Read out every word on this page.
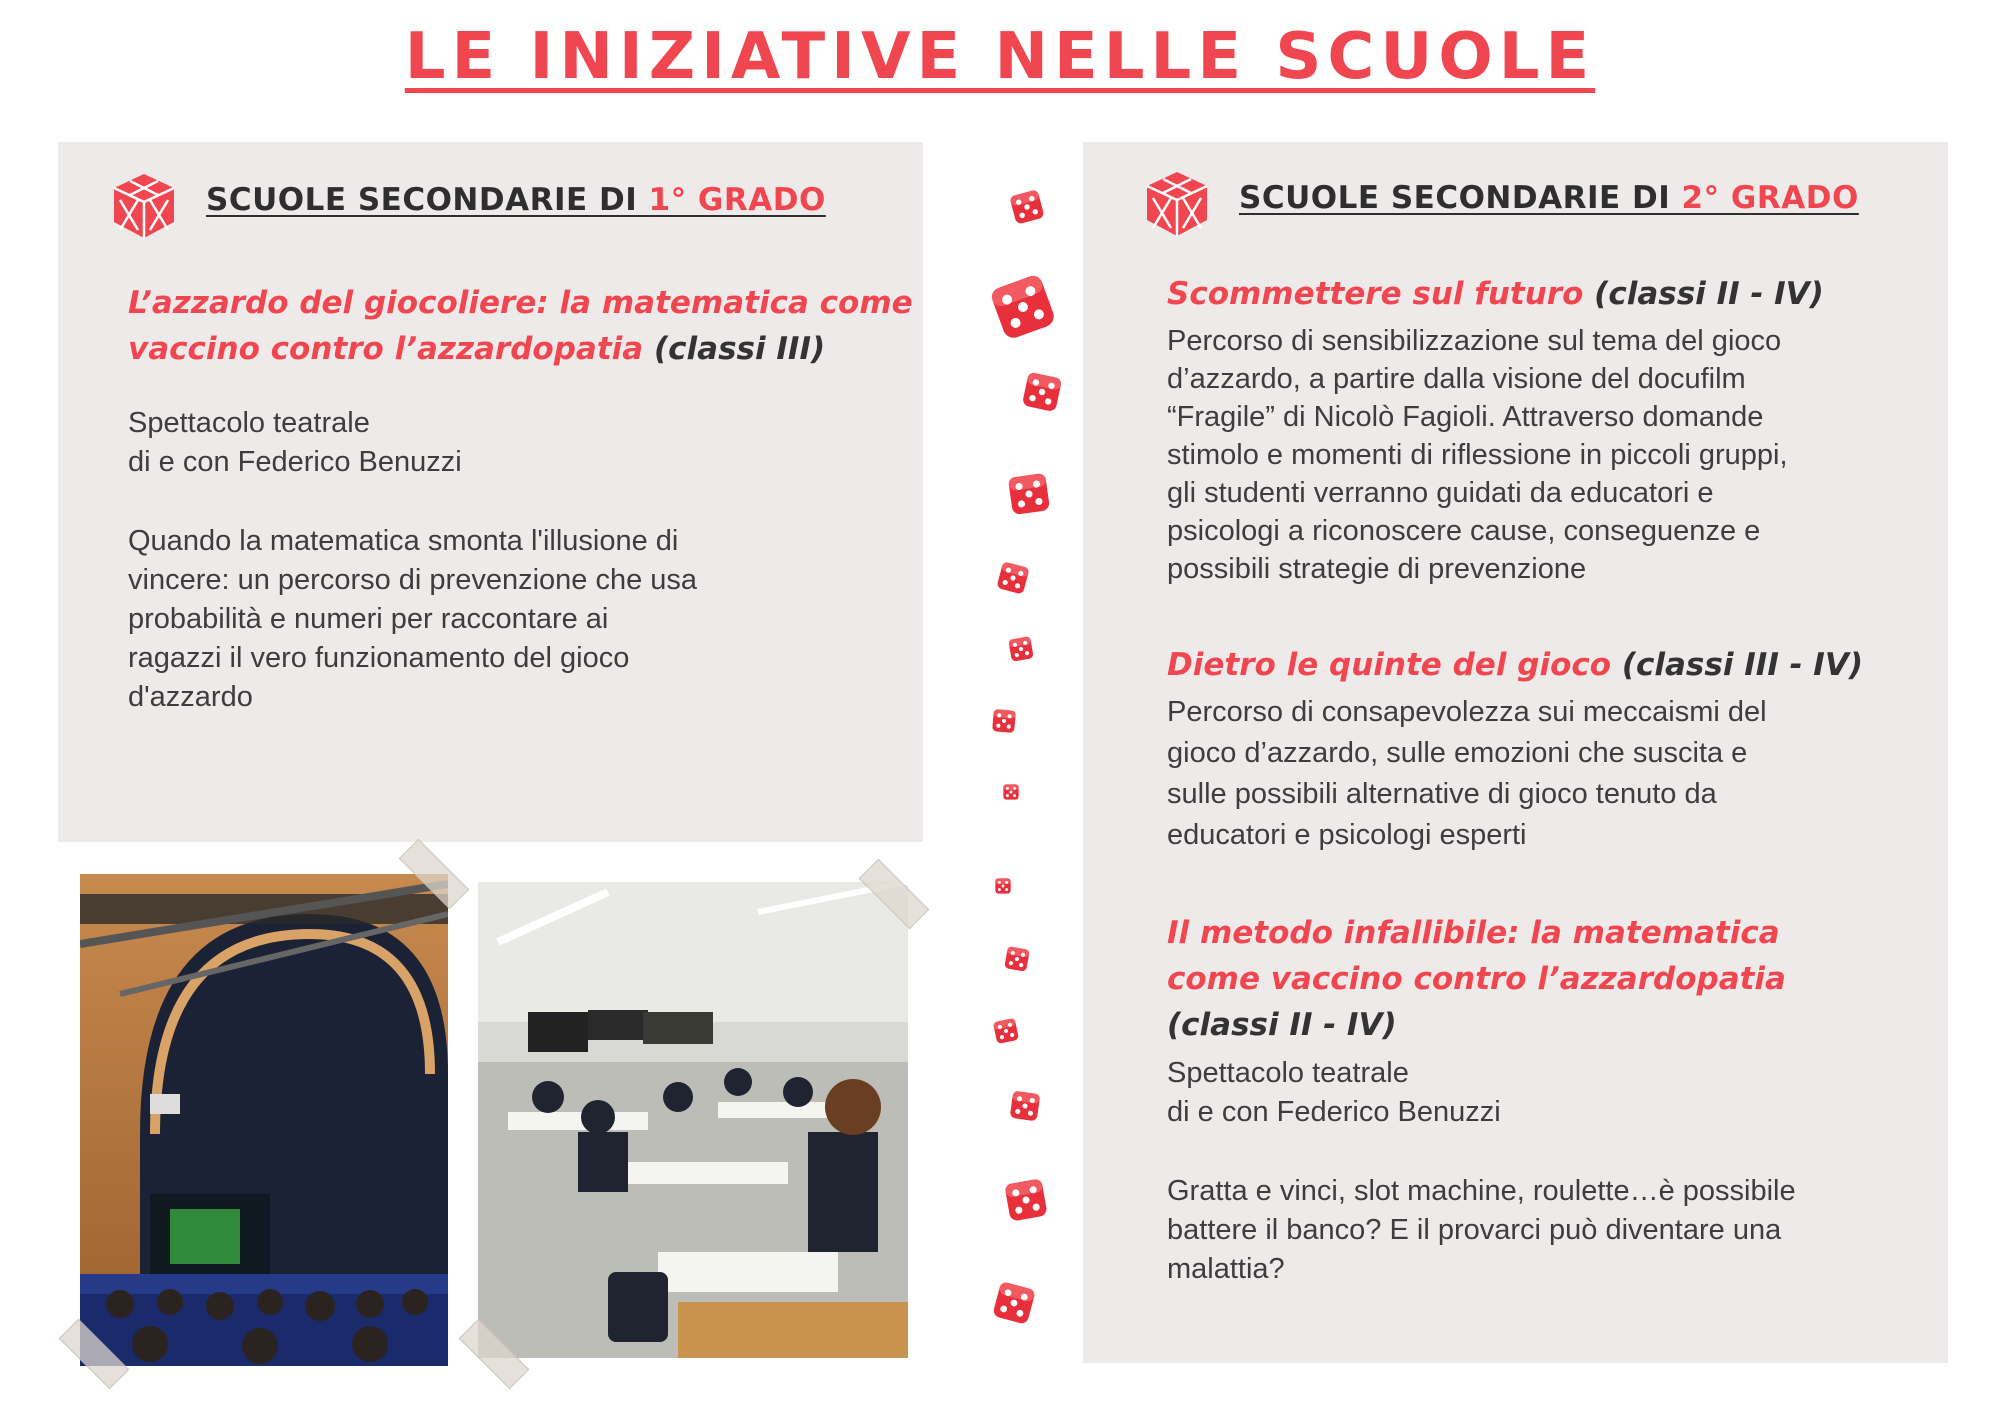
LE INIZIATIVE NELLE SCUOLE
SCUOLE SECONDARIE DI 1° GRADO

L’azzardo del giocoliere: la matematica come
vaccino contro l’azzardopatia (classi III)

Spettacolo teatrale
di e con Federico Benuzzi

Quando la matematica smonta l'illusione di
vincere: un percorso di prevenzione che usa
probabilità e numeri per raccontare ai
ragazzi il vero funzionamento del gioco
d'azzardo

SCUOLE SECONDARIE DI 2° GRADO

Scommettere sul futuro (classi II - IV)

Percorso di sensibilizzazione sul tema del gioco
d’azzardo, a partire dalla visione del docufilm
“Fragile” di Nicolò Fagioli. Attraverso domande
stimolo e momenti di riflessione in piccoli gruppi,
gli studenti verranno guidati da educatori e
psicologi a riconoscere cause, conseguenze e
possibili strategie di prevenzione

Dietro le quinte del gioco (classi III - IV)

Percorso di consapevolezza sui meccaismi del
gioco d’azzardo, sulle emozioni che suscita e
sulle possibili alternative di gioco tenuto da
educatori e psicologi esperti

Il metodo infallibile: la matematica
come vaccino contro l’azzardopatia
(classi II - IV)

Spettacolo teatrale
di e con Federico Benuzzi

Gratta e vinci, slot machine, roulette…è possibile
battere il banco? E il provarci può diventare una
malattia?
